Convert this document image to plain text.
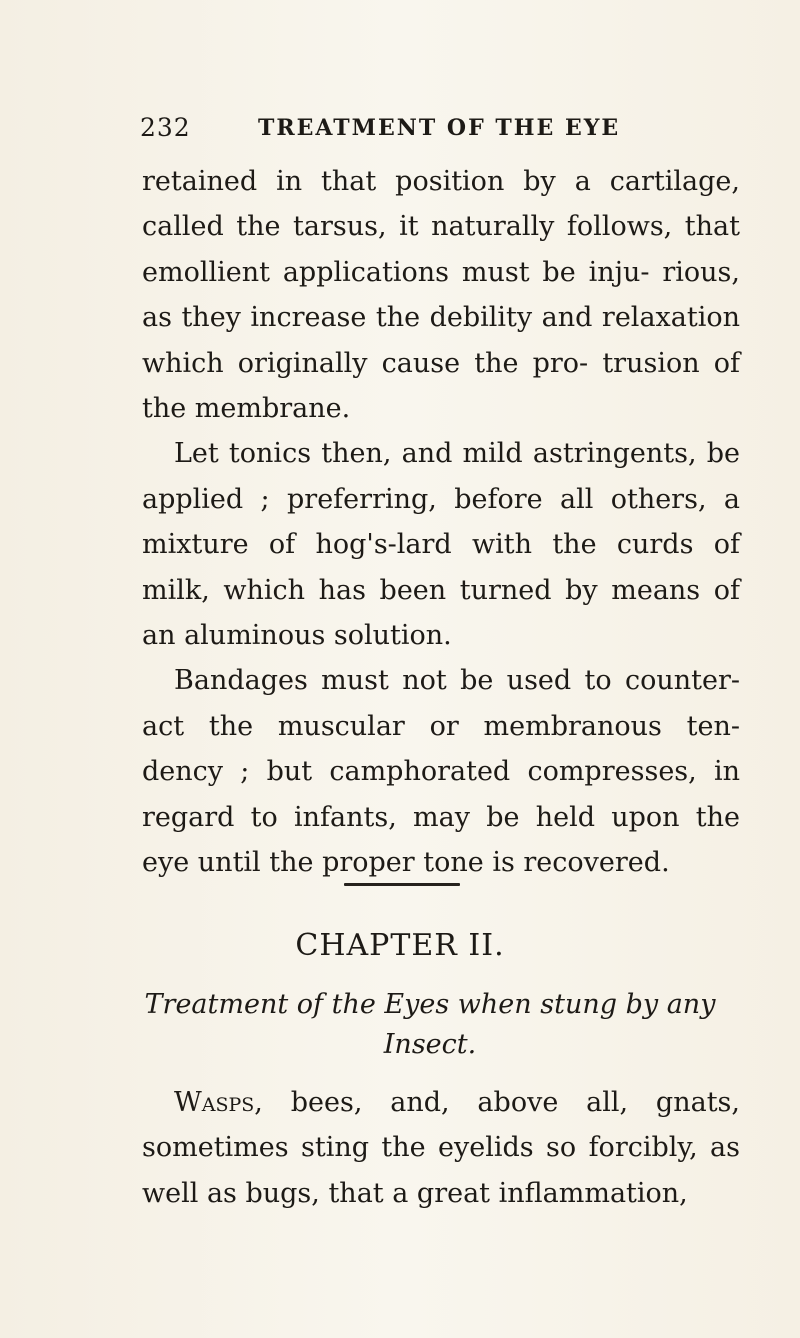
232	TREATMENT OF THE EYE

retained in that position by a cartilage, called the tarsus, it naturally follows, that emollient applications must be inju- rious, as they increase the debility and relaxation which originally cause the pro- trusion of the membrane.

Let tonics then, and mild astringents, be applied ; preferring, before all others, a mixture of hog's-lard with the curds of milk, which has been turned by means of an aluminous solution.

Bandages must not be used to counter- act the muscular or membranous ten- dency ; but camphorated compresses, in regard to infants, may be held upon the eye until the proper tone is recovered.

CHAPTER II.
Treatment of the Eyes when stung by any Insect.

Wasps, bees, and, above all, gnats, sometimes sting the eyelids so forcibly, as well as bugs, that a great inflammation,
